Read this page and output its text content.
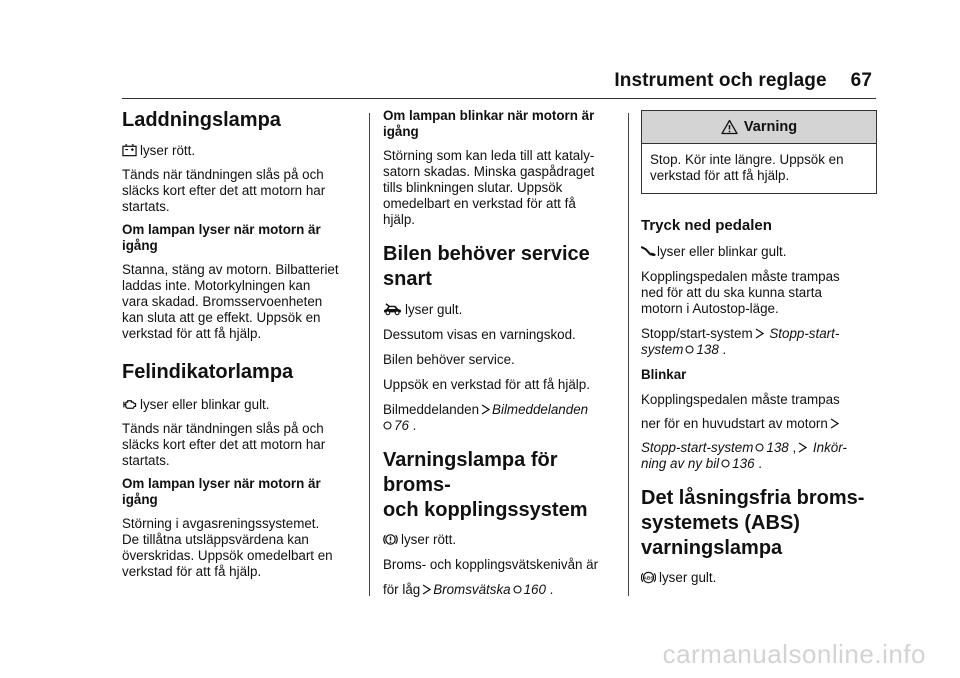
Instrument och reglage 67
Laddningslampa

lyser rött.

Tänds när tändningen slås på och
släcks kort efter det att motorn har
startats.

Om lampan lyser när motorn är
igång

Stanna, stäng av motorn. Bilbatteriet
laddas inte. Motorkylningen kan
vara skadad. Bromsservoenheten
kan sluta att ge effekt. Uppsök en
verkstad för att få hjälp.

Felindikatorlampa

lyser eller blinkar gult.

Tänds när tändningen slås på och
släcks kort efter det att motorn har
startats.

Om lampan lyser när motorn är
igång

Störning i avgasreningssystemet.
De tillåtna utsläppsvärdena kan
överskridas. Uppsök omedelbart en
verkstad för att få hjälp.

Om lampan blinkar när motorn är
igång

Störning som kan leda till att kataly-
satorn skadas. Minska gaspådraget
tills blinkningen slutar. Uppsök
omedelbart en verkstad för att få
hjälp.

Bilen behöver service
snart

lyser gult.

Dessutom visas en varningskod.

Bilen behöver service.

Uppsök en verkstad för att få hjälp.

Bilmeddelanden Bilmeddelanden
76 .

Varningslampa för broms-
och kopplingssystem

lyser rött.

Broms- och kopplingsvätskenivån är

för låg Bromsvätska 160 .

Varning

Stop. Kör inte längre. Uppsök en
verkstad för att få hjälp.

Tryck ned pedalen

lyser eller blinkar gult.

Kopplingspedalen måste trampas
ned för att du ska kunna starta
motorn i Autostop-läge.

Stopp/start-system Stopp-start-
system 138 .

Blinkar

Kopplingspedalen måste trampas

ner för en huvudstart av motorn

Stopp-start-system 138 , Inkör-
ning av ny bil 136 .

Det låsningsfria broms-
systemets (ABS)
varningslampa

ABS lyser gult.

carmanualsonline.info
